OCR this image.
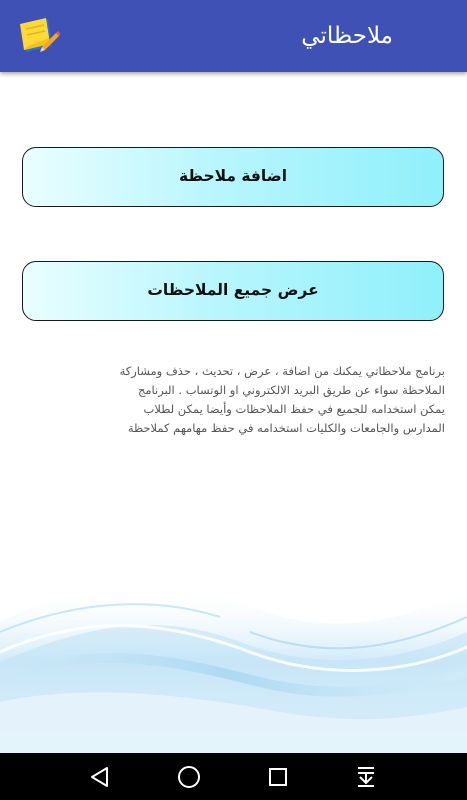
ملاحظاتي
اضافة ملاحظة
عرض جميع الملاحظات

برنامج ملاحظاتي يمكنك من اضافة ، عرض ، تحديث ، حذف ومشاركة الملاحظة سواء عن طريق البريد الالكتروني او الوتساب . البرنامج يمكن استخدامه للجميع في حفظ الملاحظات وأيضا يمكن لطلاب المدارس والجامعات والكليات استخدامه في حفظ مهامهم كملاحظة
